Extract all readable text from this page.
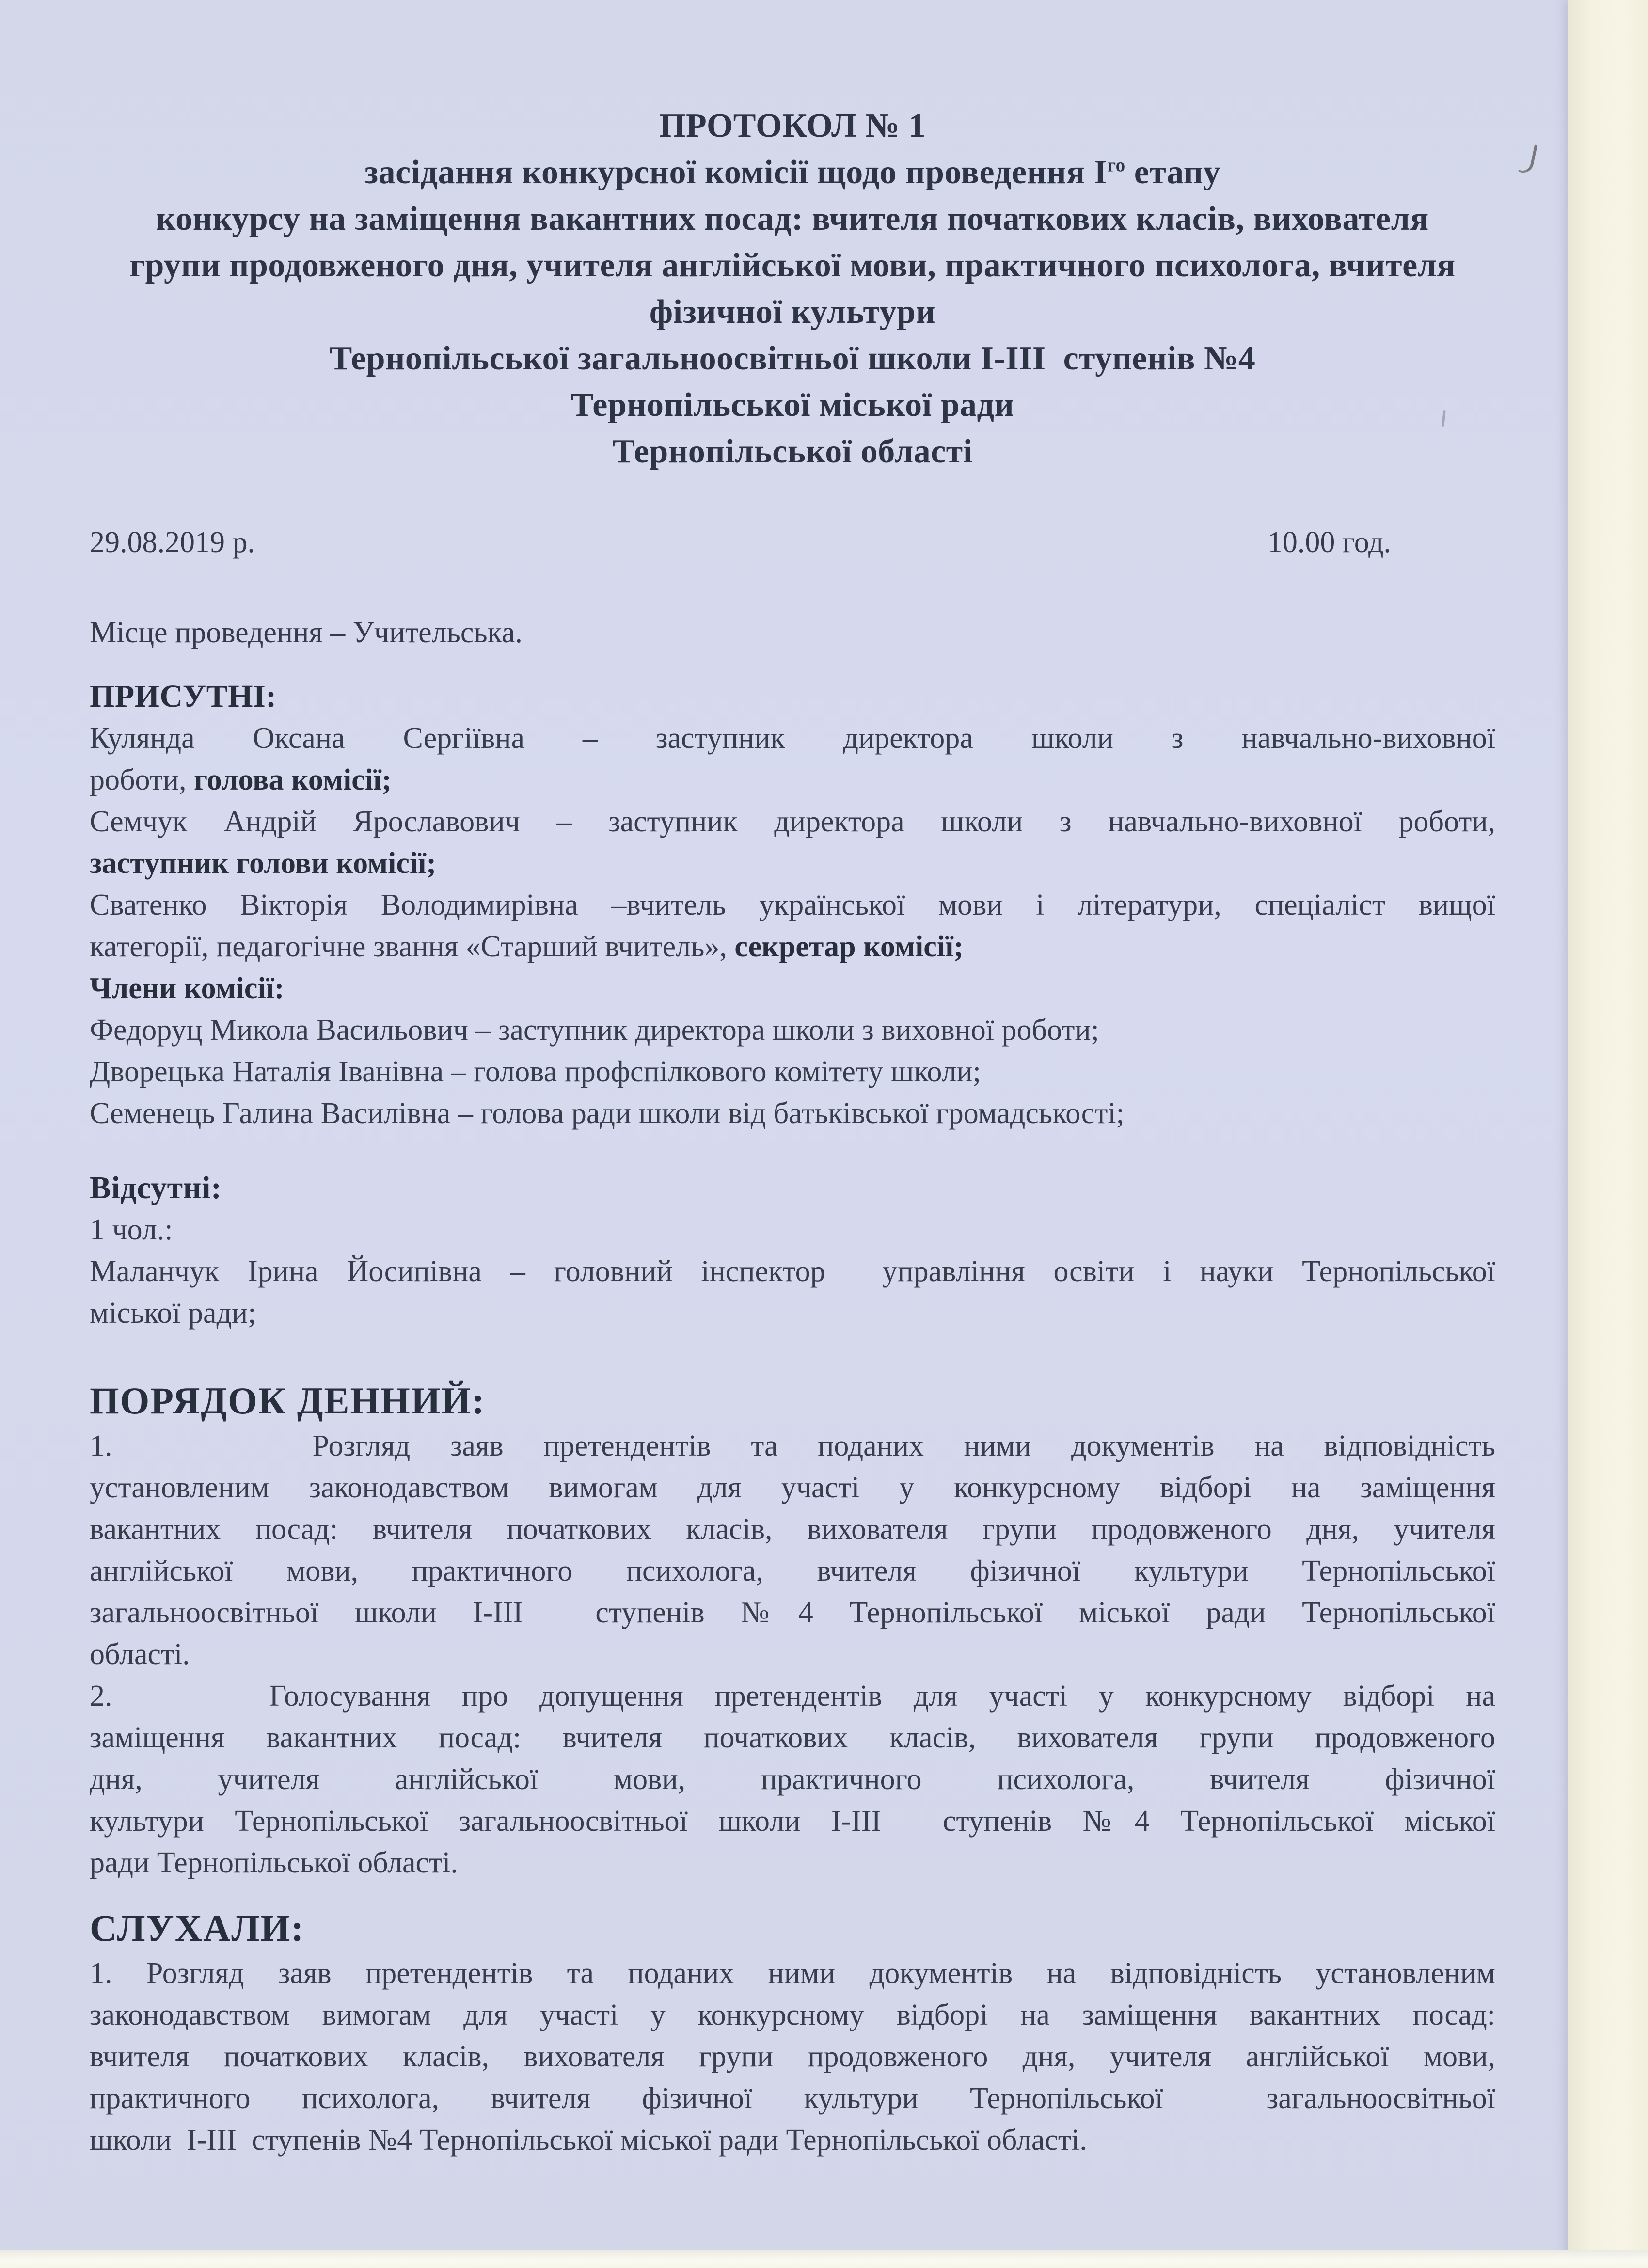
ПРОТОКОЛ № 1
засідання конкурсної комісії щодо проведення $І^{го}$ етапу
конкурсу на заміщення вакантних посад: вчителя початкових класів, вихователя
групи продовженого дня, учителя англійської мови, практичного психолога, вчителя
фізичної культури
Тернопільської загальноосвітньої школи І-ІІІ  ступенів №4
Тернопільської міської ради
Тернопільської області
29.08.2019 р.	10.00 год.
Місце проведення – Учительська.
ПРИСУТНІ:
Кулянда Оксана Сергіївна – заступник директора школи з навчально-виховної
роботи, голова комісії;
Семчук Андрій Ярославович – заступник директора школи з навчально-виховної роботи,
заступник голови комісії;
Сватенко Вікторія Володимирівна –вчитель української мови і літератури, спеціаліст вищої
категорії, педагогічне звання «Старший вчитель», секретар комісії;
Члени комісії:
Федоруц Микола Васильович – заступник директора школи з виховної роботи;
Дворецька Наталія Іванівна – голова профспілкового комітету школи;
Семенець Галина Василівна – голова ради школи від батьківської громадськості;
Відсутні:
1 чол.:
Маланчук Ірина Йосипівна – головний інспектор  управління освіти і науки Тернопільської
міської ради;
ПОРЯДОК ДЕННИЙ:
1.     Розгляд заяв претендентів та поданих ними документів на відповідність
установленим законодавством вимогам для участі у конкурсному відборі на заміщення
вакантних посад: вчителя початкових класів, вихователя групи продовженого дня, учителя
англійської мови, практичного психолога, вчителя фізичної культури Тернопільської
загальноосвітньої школи І-ІІІ  ступенів №4 Тернопільської міської ради Тернопільської
області.
2.     Голосування про допущення претендентів для участі у конкурсному відборі на
заміщення вакантних посад: вчителя початкових класів, вихователя групи продовженого
дня, учителя англійської мови, практичного психолога, вчителя фізичної
культури Тернопільської загальноосвітньої школи І-ІІІ  ступенів №4 Тернопільської міської
ради Тернопільської області.
СЛУХАЛИ:
1. Розгляд заяв претендентів та поданих ними документів на відповідність установленим
законодавством вимогам для участі у конкурсному відборі на заміщення вакантних посад:
вчителя початкових класів, вихователя групи продовженого дня, учителя англійської мови,
практичного психолога, вчителя фізичної культури Тернопільської  загальноосвітньої
школи  І-ІІІ  ступенів №4 Тернопільської міської ради Тернопільської області.
